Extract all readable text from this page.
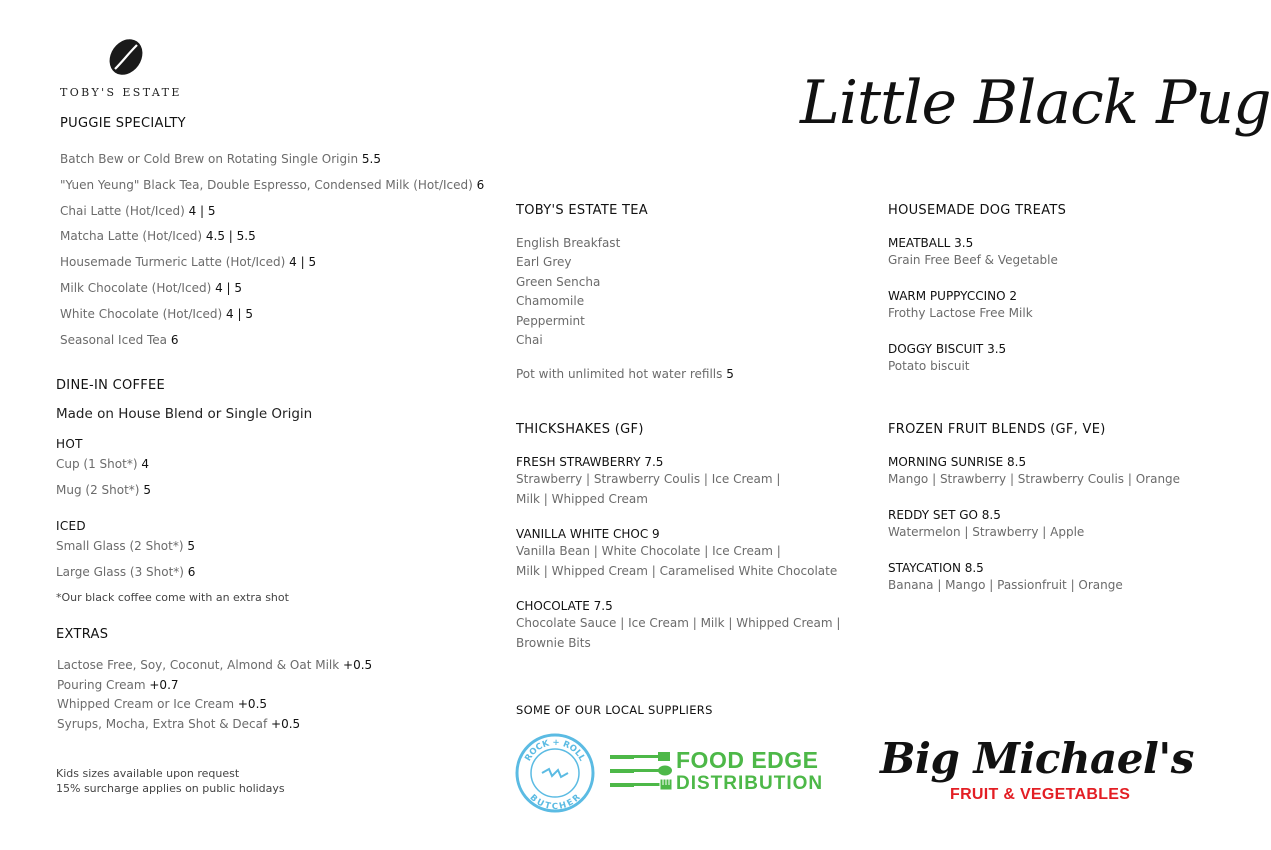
TOBY'S ESTATE	Little Black Pug
PUGGIE SPECIALTY
Batch Bew or Cold Brew on Rotating Single Origin 5.5
"Yuen Yeung" Black Tea, Double Espresso, Condensed Milk (Hot/Iced) 6
Chai Latte (Hot/Iced) 4 | 5
Matcha Latte (Hot/Iced) 4.5 | 5.5
Housemade Turmeric Latte (Hot/Iced) 4 | 5
Milk Chocolate (Hot/Iced) 4 | 5
White Chocolate (Hot/Iced) 4 | 5
Seasonal Iced Tea 6
DINE-IN COFFEE
Made on House Blend or Single Origin
HOT
Cup (1 Shot*) 4
Mug (2 Shot*) 5
ICED
Small Glass (2 Shot*) 5
Large Glass (3 Shot*) 6
*Our black coffee come with an extra shot
EXTRAS
Lactose Free, Soy, Coconut, Almond & Oat Milk +0.5
Pouring Cream +0.7
Whipped Cream or Ice Cream +0.5
Syrups, Mocha, Extra Shot & Decaf +0.5
Kids sizes available upon request
15% surcharge applies on public holidays
TOBY'S ESTATE TEA
English Breakfast
Earl Grey
Green Sencha
Chamomile
Peppermint
Chai
Pot with unlimited hot water refills 5
THICKSHAKES (GF)
FRESH STRAWBERRY 7.5
Strawberry | Strawberry Coulis | Ice Cream |
Milk | Whipped Cream
VANILLA WHITE CHOC 9
Vanilla Bean | White Chocolate | Ice Cream |
Milk | Whipped Cream | Caramelised White Chocolate
CHOCOLATE 7.5
Chocolate Sauce | Ice Cream | Milk | Whipped Cream |
Brownie Bits
HOUSEMADE DOG TREATS
MEATBALL 3.5
Grain Free Beef & Vegetable
WARM PUPPYCCINO 2
Frothy Lactose Free Milk
DOGGY BISCUIT 3.5
Potato biscuit
FROZEN FRUIT BLENDS (GF, VE)
MORNING SUNRISE 8.5
Mango | Strawberry | Strawberry Coulis | Orange
REDDY SET GO 8.5
Watermelon | Strawberry | Apple
STAYCATION 8.5
Banana | Mango | Passionfruit | Orange
SOME OF OUR LOCAL SUPPLIERS
ROCK + ROLL
BUTCHER
FOOD EDGE
DISTRIBUTION
Big Michael's
FRUIT & VEGETABLES
